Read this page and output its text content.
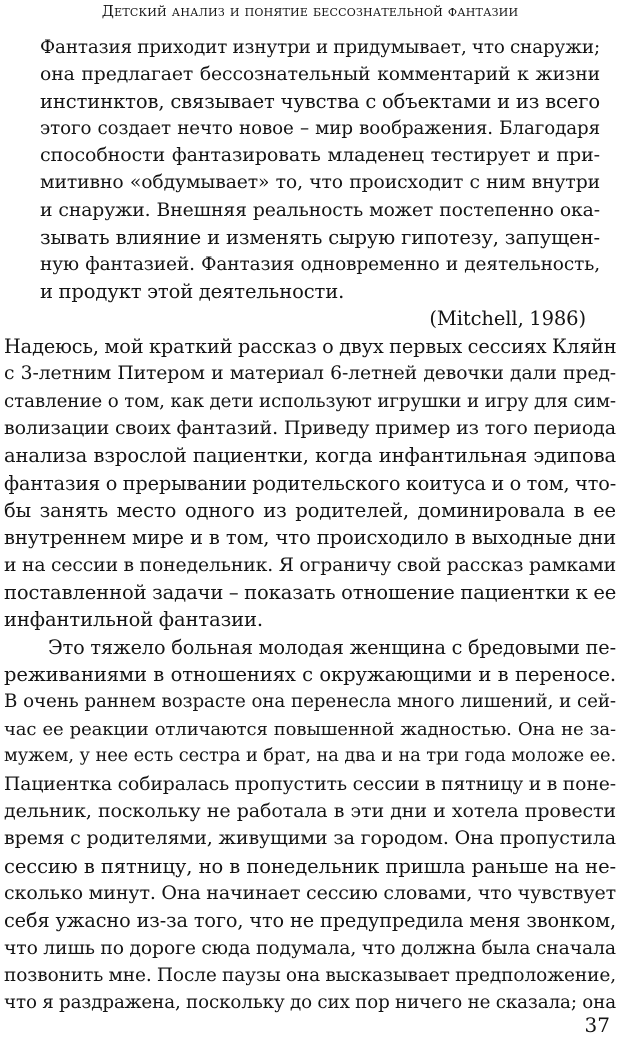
Детский анализ и понятие бессознательной фантазии
Фантазия приходит изнутри и придумывает, что снаружи;
она предлагает бессознательный комментарий к жизни
инстинктов, связывает чувства с объектами и из всего
этого создает нечто новое – мир воображения. Благодаря
способности фантазировать младенец тестирует и при-
митивно «обдумывает» то, что происходит с ним внутри
и снаружи. Внешняя реальность может постепенно ока-
зывать влияние и изменять сырую гипотезу, запущен-
ную фантазией. Фантазия одновременно и деятельность,
и продукт этой деятельности.
(Mitchell, 1986)
Надеюсь, мой краткий рассказ о двух первых сессиях Кляйн
с 3-летним Питером и материал 6-летней девочки дали пред-
ставление о том, как дети используют игрушки и игру для сим-
волизации своих фантазий. Приведу пример из того периода
анализа взрослой пациентки, когда инфантильная эдипова
фантазия о прерывании родительского коитуса и о том, что-
бы занять место одного из родителей, доминировала в ее
внутреннем мире и в том, что происходило в выходные дни
и на сессии в понедельник. Я ограничу свой рассказ рамками
поставленной задачи – показать отношение пациентки к ее
инфантильной фантазии.
Это тяжело больная молодая женщина с бредовыми пе-
реживаниями в отношениях с окружающими и в переносе.
В очень раннем возрасте она перенесла много лишений, и сей-
час ее реакции отличаются повышенной жадностью. Она не за-
мужем, у нее есть сестра и брат, на два и на три года моложе ее.
Пациентка собиралась пропустить сессии в пятницу и в поне-
дельник, поскольку не работала в эти дни и хотела провести
время с родителями, живущими за городом. Она пропустила
сессию в пятницу, но в понедельник пришла раньше на не-
сколько минут. Она начинает сессию словами, что чувствует
себя ужасно из-за того, что не предупредила меня звонком,
что лишь по дороге сюда подумала, что должна была сначала
позвонить мне. После паузы она высказывает предположение,
что я раздражена, поскольку до сих пор ничего не сказала; она
37
